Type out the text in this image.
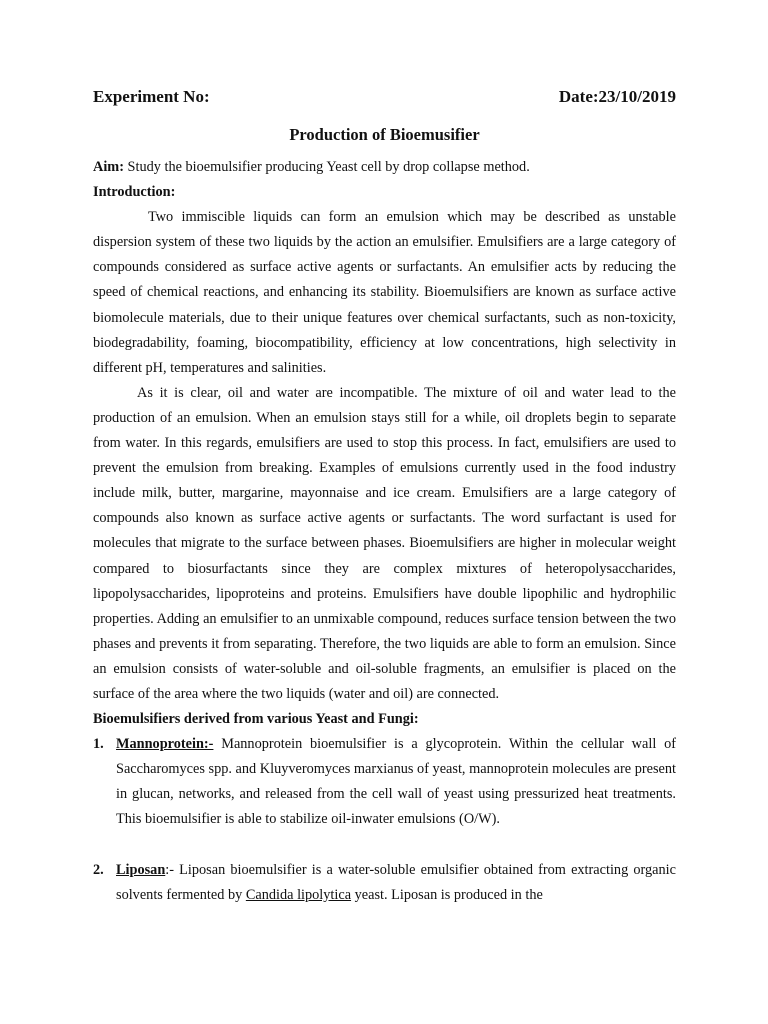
Experiment No:	Date:23/10/2019
Production of Bioemusifier

Aim: Study the bioemulsifier producing Yeast cell by drop collapse method.

Introduction:

Two immiscible liquids can form an emulsion which may be described as unstable dispersion system of these two liquids by the action an emulsifier. Emulsifiers are a large category of compounds considered as surface active agents or surfactants. An emulsifier acts by reducing the speed of chemical reactions, and enhancing its stability. Bioemulsifiers are known as surface active biomolecule materials, due to their unique features over chemical surfactants, such as non-toxicity, biodegradability, foaming, biocompatibility, efficiency at low concentrations, high selectivity in different pH, temperatures and salinities.

As it is clear, oil and water are incompatible. The mixture of oil and water lead to the production of an emulsion. When an emulsion stays still for a while, oil droplets begin to separate from water. In this regards, emulsifiers are used to stop this process. In fact, emulsifiers are used to prevent the emulsion from breaking. Examples of emulsions currently used in the food industry include milk, butter, margarine, mayonnaise and ice cream. Emulsifiers are a large category of compounds also known as surface active agents or surfactants. The word surfactant is used for molecules that migrate to the surface between phases. Bioemulsifiers are higher in molecular weight compared to biosurfactants since they are complex mixtures of heteropolysaccharides, lipopolysaccharides, lipoproteins and proteins. Emulsifiers have double lipophilic and hydrophilic properties. Adding an emulsifier to an unmixable compound, reduces surface tension between the two phases and prevents it from separating. Therefore, the two liquids are able to form an emulsion. Since an emulsion consists of water-soluble and oil-soluble fragments, an emulsifier is placed on the surface of the area where the two liquids (water and oil) are connected.

Bioemulsifiers derived from various Yeast and Fungi:

1. Mannoprotein:- Mannoprotein bioemulsifier is a glycoprotein. Within the cellular wall of Saccharomyces spp. and Kluyveromyces marxianus of yeast, mannoprotein molecules are present in glucan, networks, and released from the cell wall of yeast using pressurized heat treatments. This bioemulsifier is able to stabilize oil-inwater emulsions (O/W).
2. Liposan:- Liposan bioemulsifier is a water-soluble emulsifier obtained from extracting organic solvents fermented by Candida lipolytica yeast. Liposan is produced in the
